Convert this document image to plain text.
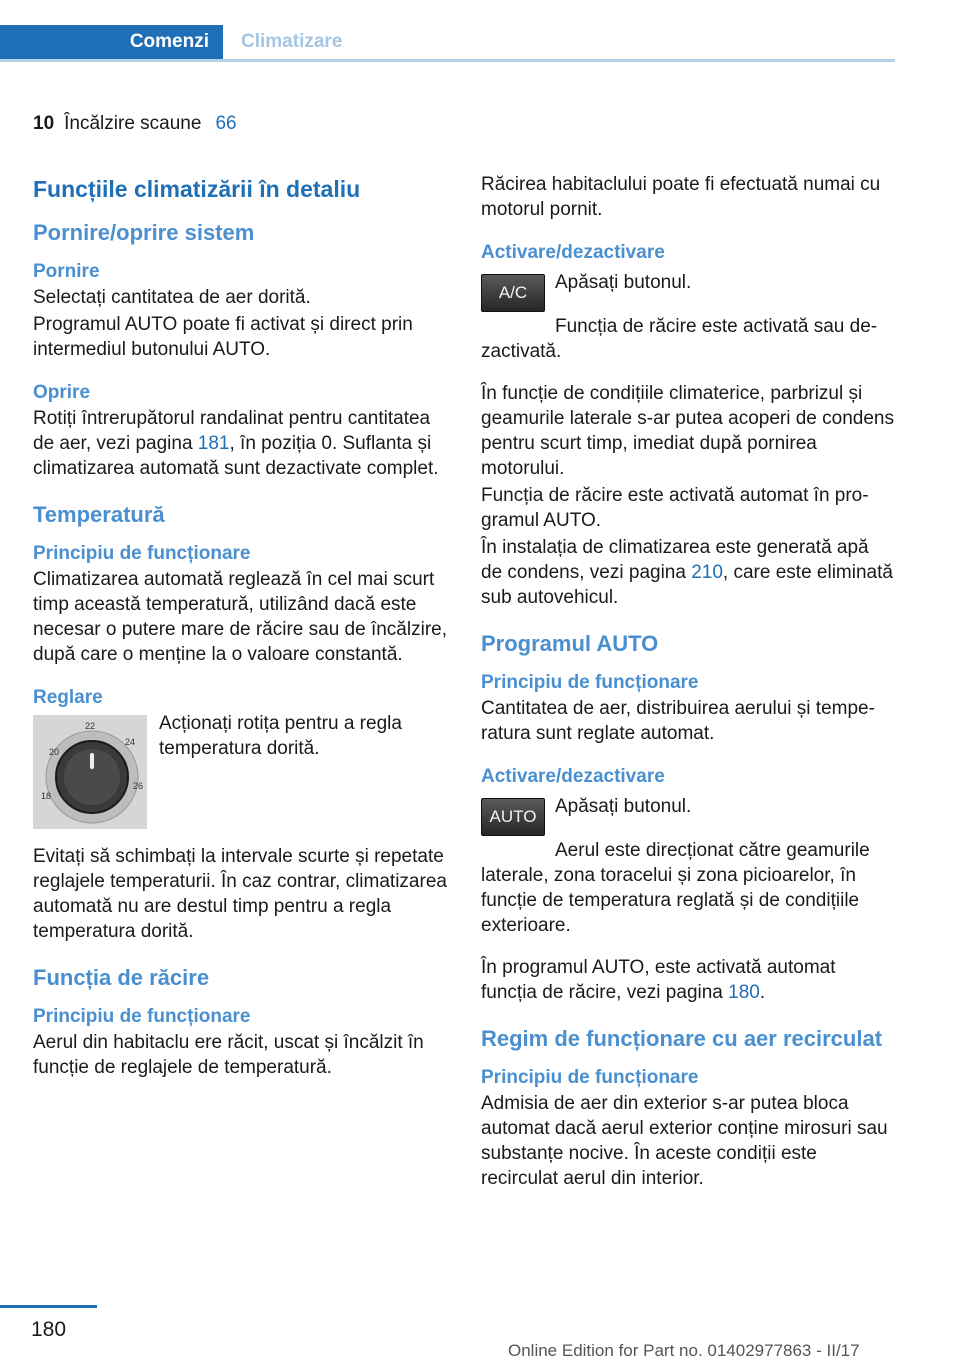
Comenzi	Climatizare
10 Încălzire scaune 66
Funcțiile climatizării în detaliu
Pornire/oprire sistem
Pornire

Selectați cantitatea de aer dorită.

Programul AUTO poate fi activat și direct prin intermediul butonului AUTO.

Oprire

Rotiți întrerupătorul randalinat pentru cantitatea de aer, vezi pagina 181, în poziția 0. Suflanta și climatizarea automată sunt dezactivate complet.

Temperatură
Principiu de funcționare

Climatizarea automată reglează în cel mai scurt timp această temperatură, utilizând dacă este necesar o putere mare de răcire sau de încălzire, după care o menține la o valoare constantă.

Reglare
18
20
22
24
26

Acționați rotița pentru a regla temperatura dorită.

Evitați să schimbați la intervale scurte și repetate reglajele temperaturii. În caz contrar, climatizarea automată nu are destul timp pentru a regla temperatura dorită.

Funcția de răcire
Principiu de funcționare

Aerul din habitaclu ere răcit, uscat și încălzit în funcție de reglajele de temperatură.

Răcirea habitaclului poate fi efectuată numai cu motorul pornit.

Activare/dezactivare
A/C	Apăsați butonul.

Funcția de răcire este activată sau dezactivată.

În funcție de condițiile climaterice, parbrizul și geamurile laterale s-ar putea acoperi de condens pentru scurt timp, imediat după pornirea motorului.

Funcția de răcire este activată automat în programul AUTO.

În instalația de climatizarea este generată apă de condens, vezi pagina 210, care este eliminată sub autovehicul.

Programul AUTO
Principiu de funcționare

Cantitatea de aer, distribuirea aerului și temperatura sunt reglate automat.

Activare/dezactivare
AUTO Apăsați butonul.

Aerul este direcționat către geamurile laterale, zona toracelui și zona picioarelor, în funcție de temperatura reglată și de condițiile exterioare.

În programul AUTO, este activată automat funcția de răcire, vezi pagina 180.

Regim de funcționare cu aer recirculat
Principiu de funcționare

Admisia de aer din exterior s-ar putea bloca automat dacă aerul exterior conține mirosuri sau substanțe nocive. În aceste condiții este recirculat aerul din interior.

180
Online Edition for Part no. 01402977863 - II/17
